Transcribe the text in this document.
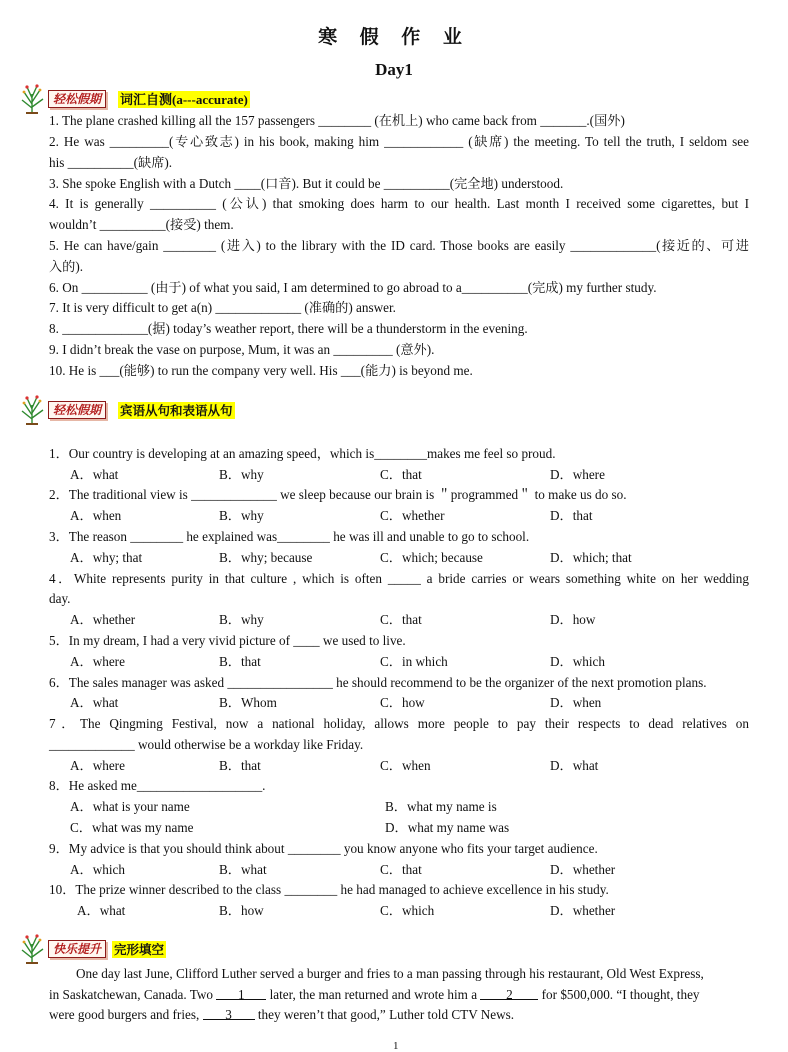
寒 假 作 业
Day1
轻松假期	词汇自测(a---accurate)
1. The plane crashed killing all the 157 passengers ________ (在机上) who came back from _______.(国外)
2. He was _________(专心致志) in his book, making him ____________ (缺席) the meeting. To tell the truth, I seldom see
his __________(缺席).
3. She spoke English with a Dutch ____(口音). But it could be __________(完全地) understood.
4. It is generally __________ (公认) that smoking does harm to our health. Last month I received some cigarettes, but I
wouldn’t __________(接受) them.
5. He can have/gain ________ (进入) to the library with the ID card. Those books are easily _____________(接近的、可进
入的).
6. On __________ (由于) of what you said, I am determined to go abroad to a__________(完成) my further study.
7. It is very difficult to get a(n) _____________ (准确的) answer.
8. _____________(据) today’s weather report, there will be a thunderstorm in the evening.
9. I didn’t break the vase on purpose, Mum, it was an _________ (意外).
10. He is ___(能够) to run the company very well. His ___(能力) is beyond me.
轻松假期	宾语从句和表语从句
1．Our country is developing at an amazing speed，which is________makes me feel so proud.
A．what	B．why	C．that	D．where
2．The traditional view is _____________ we sleep because our brain is ＂programmed＂ to make us do so.
A．when	B．why	C．whether	D．that
3．The reason ________ he explained was________ he was ill and unable to go to school.
A．why; that	B．why; because	C．which; because	D．which; that
4．White represents purity in that culture , which is often _____ a bride carries or wears something white on her wedding
day.
A．whether	B．why	C．that	D．how
5．In my dream, I had a very vivid picture of ____ we used to live.
A．where	B．that	C．in which	D．which
6．The sales manager was asked ________________ he should recommend to be the organizer of the next promotion plans.
A．what	B．Whom	C．how	D．when
7．The Qingming Festival, now a national holiday, allows more people to pay their respects to dead relatives on
_____________ would otherwise be a workday like Friday.
A．where	B．that	C．when	D．what
8．He asked me___________________.
A．what is your name	B．what my name is
C．what was my name	D．what my name was
9．My advice is that you should think about ________ you know anyone who fits your target audience.
A．which	B．what	C．that	D．whether
10．The prize winner described to the class ________ he had managed to achieve excellence in his study.
A．what	B．how	C．which	D．whether
快乐提升	完形填空
One day last June, Clifford Luther served a burger and fries to a man passing through his restaurant, Old West Express,
in Saskatchewan, Canada. Two 1 later, the man returned and wrote him a 2 for $500,000. “I thought, they
were good burgers and fries, 3 they weren’t that good,” Luther told CTV News.
1
